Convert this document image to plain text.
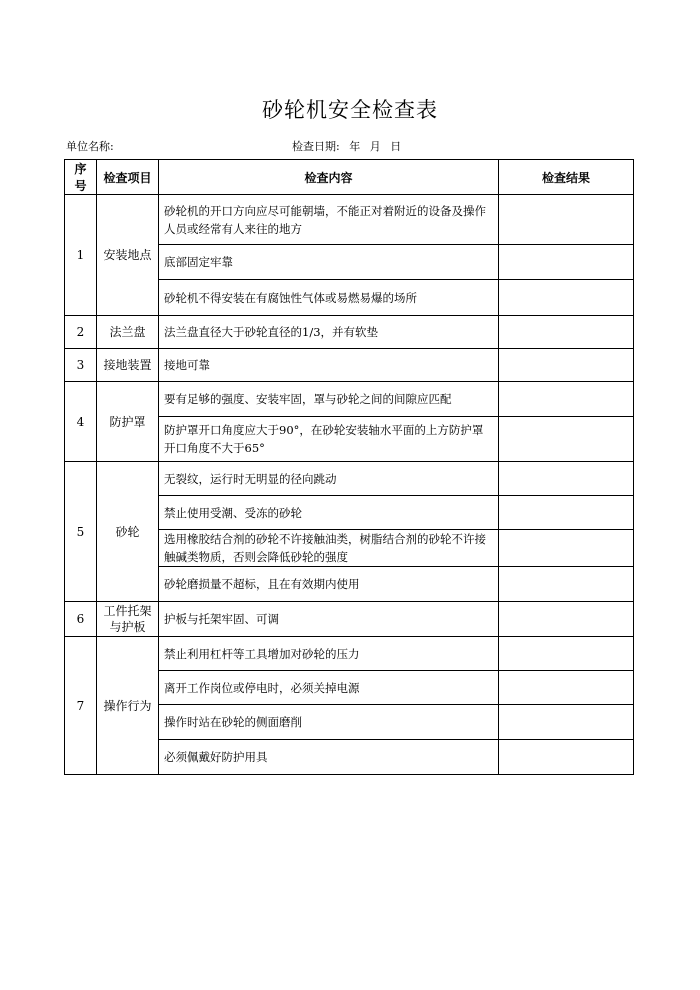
砂轮机安全检查表
单位名称:	检查日期: 年 月 日
序号	检查项目	检查内容	检查结果
1	安装地点	砂轮机的开口方向应尽可能朝墙，不能正对着附近的设备及操作人员或经常有人来往的地方	
		底部固定牢靠	
		砂轮机不得安装在有腐蚀性气体或易燃易爆的场所	
2	法兰盘	法兰盘直径大于砂轮直径的1/3，并有软垫	
3	接地装置	接地可靠	
4	防护罩	要有足够的强度、安装牢固，罩与砂轮之间的间隙应匹配	
		防护罩开口角度应大于90°，在砂轮安装轴水平面的上方防护罩开口角度不大于65°	
5	砂轮	无裂纹，运行时无明显的径向跳动	
		禁止使用受潮、受冻的砂轮	
		选用橡胶结合剂的砂轮不许接触油类，树脂结合剂的砂轮不许接触碱类物质，否则会降低砂轮的强度	
		砂轮磨损量不超标，且在有效期内使用	
6	工件托架与护板	护板与托架牢固、可调	
7	操作行为	禁止利用杠杆等工具增加对砂轮的压力	
		离开工作岗位或停电时，必须关掉电源	
		操作时站在砂轮的侧面磨削	
		必须佩戴好防护用具	
